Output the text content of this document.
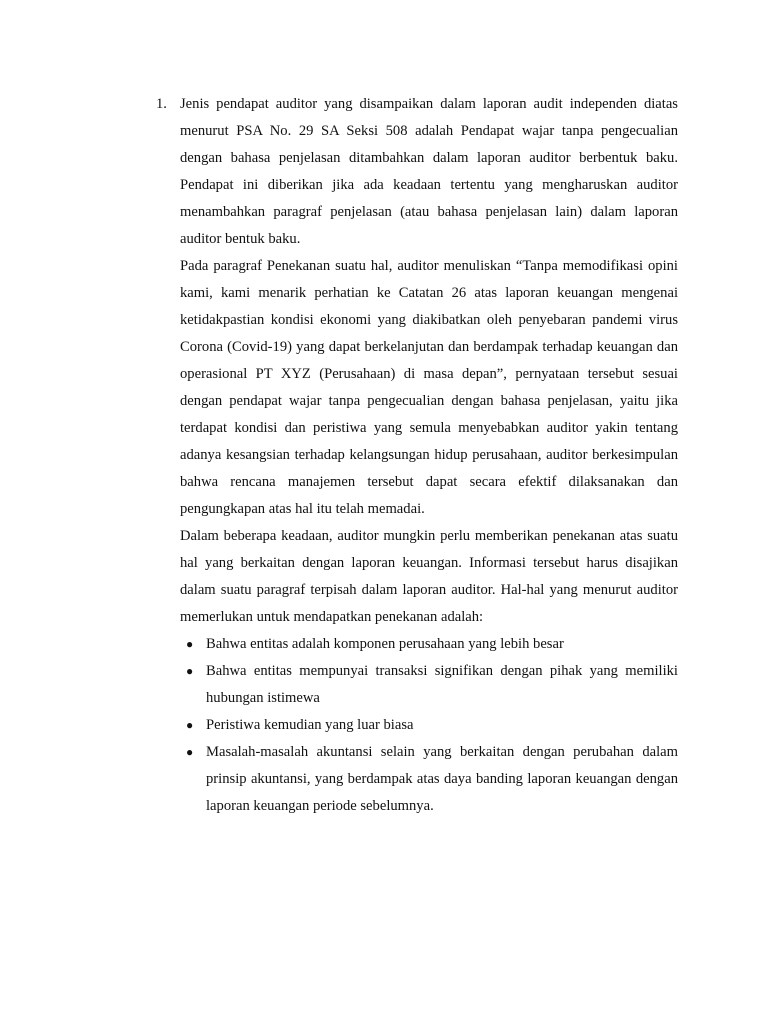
1. Jenis pendapat auditor yang disampaikan dalam laporan audit independen diatas menurut PSA No. 29 SA Seksi 508 adalah Pendapat wajar tanpa pengecualian dengan bahasa penjelasan ditambahkan dalam laporan auditor berbentuk baku. Pendapat ini diberikan jika ada keadaan tertentu yang mengharuskan auditor menambahkan paragraf penjelasan (atau bahasa penjelasan lain) dalam laporan auditor bentuk baku.

Pada paragraf Penekanan suatu hal, auditor menuliskan “Tanpa memodifikasi opini kami, kami menarik perhatian ke Catatan 26 atas laporan keuangan mengenai ketidakpastian kondisi ekonomi yang diakibatkan oleh penyebaran pandemi virus Corona (Covid-19) yang dapat berkelanjutan dan berdampak terhadap keuangan dan operasional PT XYZ (Perusahaan) di masa depan”, pernyataan tersebut sesuai dengan pendapat wajar tanpa pengecualian dengan bahasa penjelasan, yaitu jika terdapat kondisi dan peristiwa yang semula menyebabkan auditor yakin tentang adanya kesangsian terhadap kelangsungan hidup perusahaan, auditor berkesimpulan bahwa rencana manajemen tersebut dapat secara efektif dilaksanakan dan pengungkapan atas hal itu telah memadai.

Dalam beberapa keadaan, auditor mungkin perlu memberikan penekanan atas suatu hal yang berkaitan dengan laporan keuangan. Informasi tersebut harus disajikan dalam suatu paragraf terpisah dalam laporan auditor. Hal-hal yang menurut auditor memerlukan untuk mendapatkan penekanan adalah:

● Bahwa entitas adalah komponen perusahaan yang lebih besar
● Bahwa entitas mempunyai transaksi signifikan dengan pihak yang memiliki hubungan istimewa
● Peristiwa kemudian yang luar biasa
● Masalah-masalah akuntansi selain yang berkaitan dengan perubahan dalam prinsip akuntansi, yang berdampak atas daya banding laporan keuangan dengan laporan keuangan periode sebelumnya.
